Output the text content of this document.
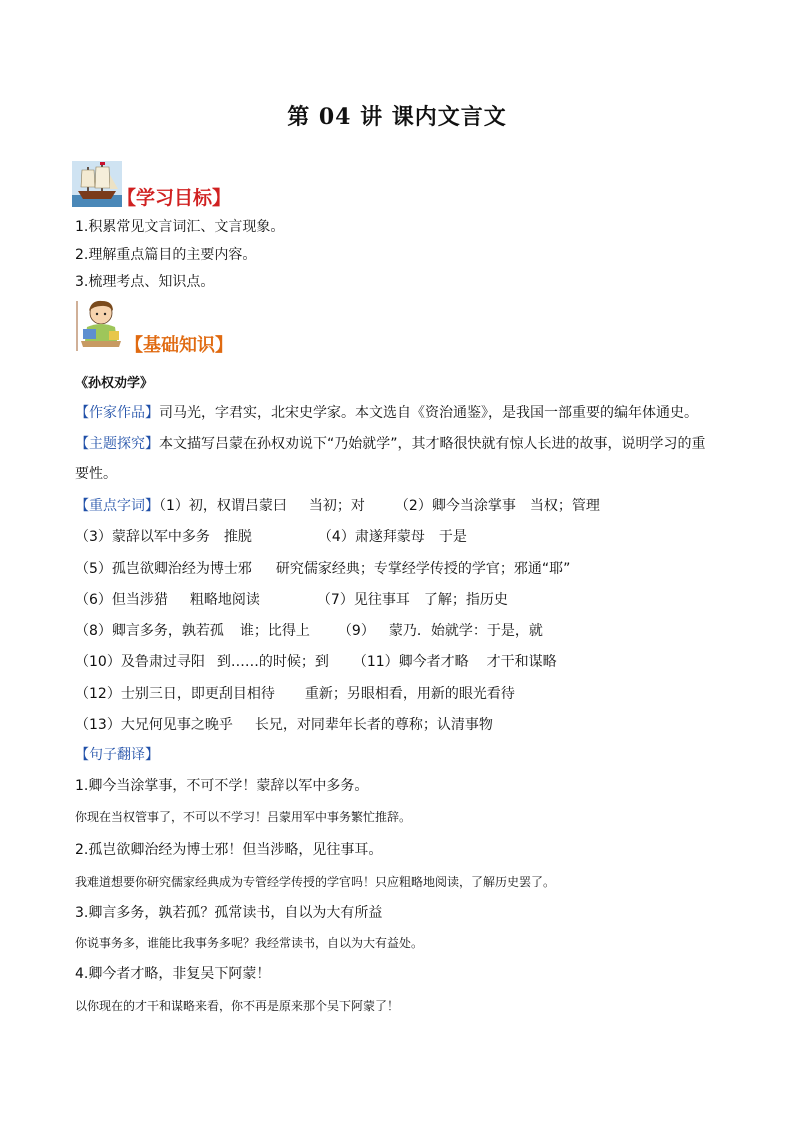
第 04 讲 课内文言文
【学习目标】
1.积累常见文言词汇、文言现象。
2.理解重点篇目的主要内容。
3.梳理考点、知识点。
【基础知识】
《孙权劝学》
【作家作品】司马光，字君实，北宋史学家。本文选自《资治通鉴》，是我国一部重要的编年体通史。
【主题探究】本文描写吕蒙在孙权劝说下“乃始就学”，其才略很快就有惊人长进的故事，说明学习的重
要性。
【重点字词】（1）初，权谓吕蒙曰 当初；对 （2）卿今当涂掌事 当权；管理
（3）蒙辞以军中多务 推脱	（4）肃遂拜蒙母 于是
（5）孤岂欲卿治经为博士邪 研究儒家经典；专掌经学传授的学官；邪通“耶”
（6）但当涉猎 粗略地阅读	（7）见往事耳 了解；指历史
（8）卿言多务，孰若孤 谁；比得上 （9） 蒙乃．始就学：于是，就
（10）及鲁肃过寻阳 到……的时候；到 （11）卿今者才略 才干和谋略
（12）士别三日，即更刮目相待 重新；另眼相看，用新的眼光看待
（13）大兄何见事之晚乎 长兄，对同辈年长者的尊称；认清事物
【句子翻译】
1.卿今当涂掌事，不可不学！蒙辞以军中多务。
你现在当权管事了，不可以不学习！吕蒙用军中事务繁忙推辞。
2.孤岂欲卿治经为博士邪！但当涉略，见往事耳。
我难道想要你研究儒家经典成为专管经学传授的学官吗！只应粗略地阅读，了解历史罢了。
3.卿言多务，孰若孤？孤常读书，自以为大有所益
你说事务多，谁能比我事务多呢？我经常读书，自以为大有益处。
4.卿今者才略，非复吴下阿蒙！
以你现在的才干和谋略来看，你不再是原来那个吴下阿蒙了！
